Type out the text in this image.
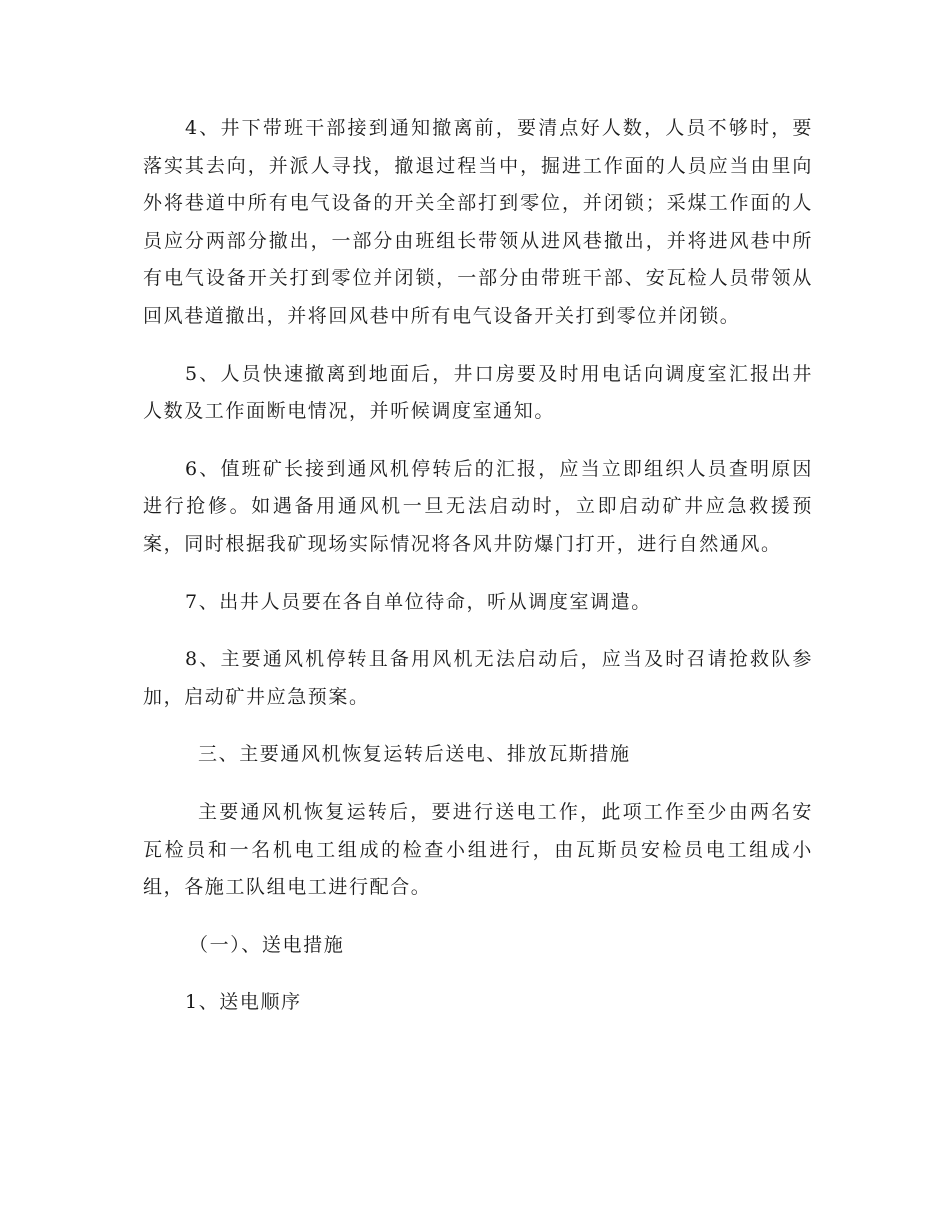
4、井下带班干部接到通知撤离前，要清点好人数，人员不够时，要落实其去向，并派人寻找，撤退过程当中，掘进工作面的人员应当由里向外将巷道中所有电气设备的开关全部打到零位，并闭锁；采煤工作面的人员应分两部分撤出，一部分由班组长带领从进风巷撤出，并将进风巷中所有电气设备开关打到零位并闭锁，一部分由带班干部、安瓦检人员带领从回风巷道撤出，并将回风巷中所有电气设备开关打到零位并闭锁。

5、人员快速撤离到地面后，井口房要及时用电话向调度室汇报出井人数及工作面断电情况，并听候调度室通知。

6、值班矿长接到通风机停转后的汇报，应当立即组织人员查明原因进行抢修。如遇备用通风机一旦无法启动时，立即启动矿井应急救援预案，同时根据我矿现场实际情况将各风井防爆门打开，进行自然通风。

7、出井人员要在各自单位待命，听从调度室调遣。

8、主要通风机停转且备用风机无法启动后，应当及时召请抢救队参加，启动矿井应急预案。

三、主要通风机恢复运转后送电、排放瓦斯措施

主要通风机恢复运转后，要进行送电工作，此项工作至少由两名安瓦检员和一名机电工组成的检查小组进行，由瓦斯员安检员电工组成小组，各施工队组电工进行配合。

（一）、送电措施

1、送电顺序
